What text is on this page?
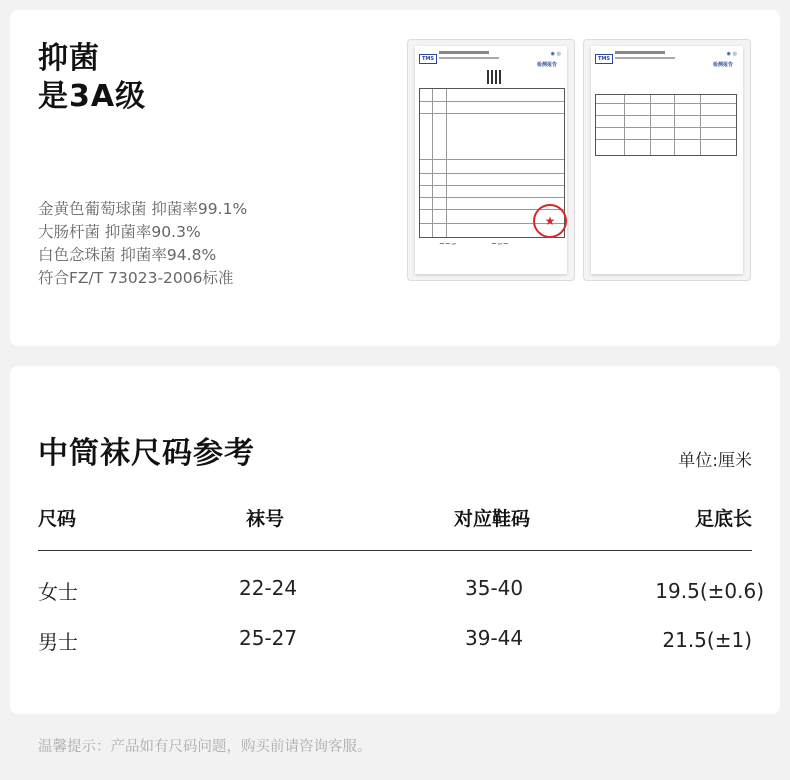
抑菌
是3A级
金黄色葡萄球菌 抑菌率99.1%
大肠杆菌 抑菌率90.3%
白色念珠菌 抑菌率94.8%
符合FZ/T 73023-2006标准
TMS
◉ ◎
检测报告
★
~~∽	~∽~
TMS
◉ ◎
检测报告
中筒袜尺码参考	单位:厘米
尺码	袜号	对应鞋码	足底长
女士	22-24	35-40	19.5(±0.6)
男士	25-27	39-44	21.5(±1)
温馨提示：产品如有尺码问题，购买前请咨询客服。
